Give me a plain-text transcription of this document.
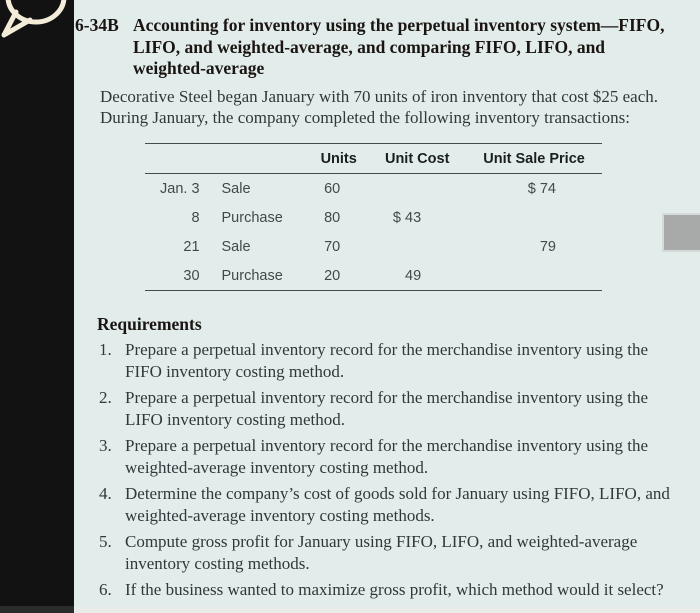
6-34B Accounting for inventory using the perpetual inventory system—FIFO,
LIFO, and weighted-average, and comparing FIFO, LIFO, and
weighted-average
Decorative Steel began January with 70 units of iron inventory that cost $25 each.
During January, the company completed the following inventory transactions:
		Units	Unit Cost	Unit Sale Price
Jan. 3	Sale	60		$ 74
8	Purchase	80	$ 43	
21	Sale	70		79
30	Purchase	20	49	
Requirements
1. Prepare a perpetual inventory record for the merchandise inventory using the
FIFO inventory costing method.
2. Prepare a perpetual inventory record for the merchandise inventory using the
LIFO inventory costing method.
3. Prepare a perpetual inventory record for the merchandise inventory using the
weighted-average inventory costing method.
4. Determine the company’s cost of goods sold for January using FIFO, LIFO, and
weighted-average inventory costing methods.
5. Compute gross profit for January using FIFO, LIFO, and weighted-average
inventory costing methods.
6. If the business wanted to maximize gross profit, which method would it select?
